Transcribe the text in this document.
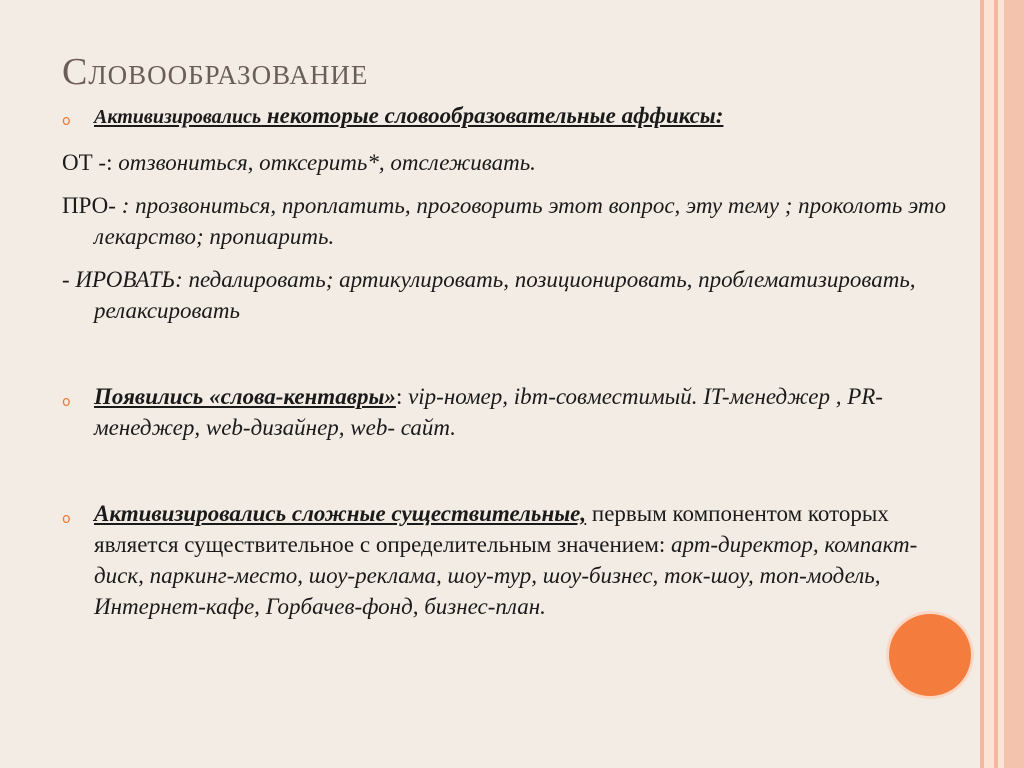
Словообразование
o Активизировались некоторые словообразовательные аффиксы:
ОТ -: отзвониться, отксерить*, отслеживать.
ПРО- : прозвониться, проплатить, проговорить этот вопрос, эту тему ; проколоть это лекарство; пропиарить.
- ИРОВАТЬ: педалировать; артикулировать, позиционировать, проблематизировать, релаксировать
o Появились «слова-кентавры»: vip-номер, ibm-совместимый. IT-менеджер , PR-менеджер, web-дизайнер, web- сайт.
o Активизировались сложные существительные, первым компонентом которых является существительное с определительным значением: арт-директор, компакт-диск, паркинг-место, шоу-реклама, шоу-тур, шоу-бизнес, ток-шоу, топ-модель, Интернет-кафе, Горбачев-фонд, бизнес-план.
